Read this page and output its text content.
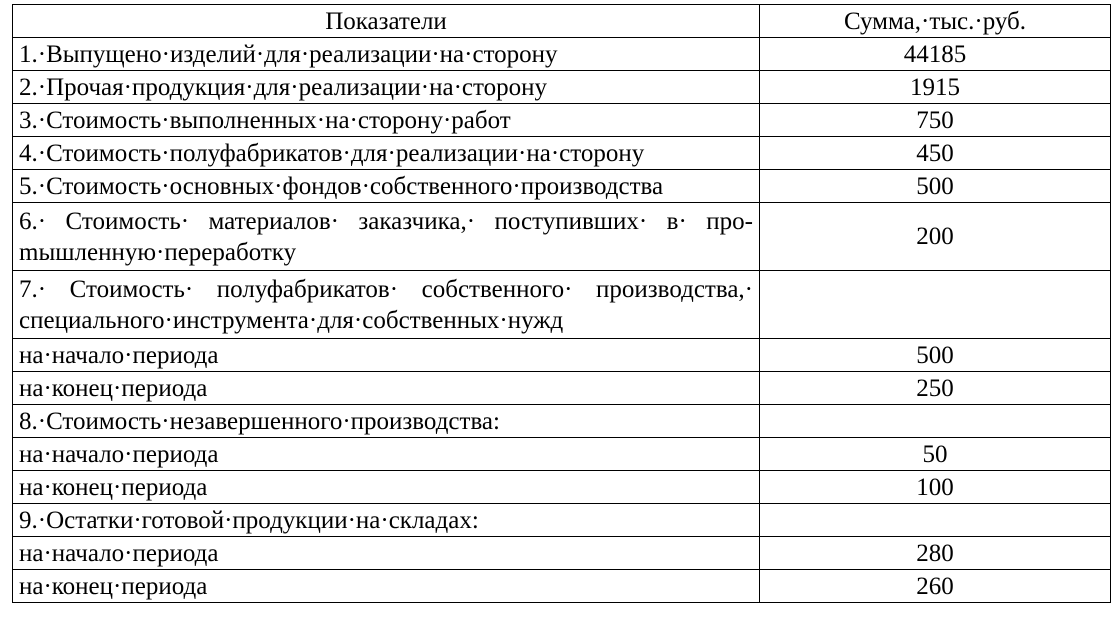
Показатели	Сумма,·тыс.·руб.
1.·Выпущено·изделий·для·реализации·на·сторону	44185
2.·Прочая·продукция·для·реализации·на·сторону	1915
3.·Стоимость·выполненных·на·сторону·работ	750
4.·Стоимость·полуфабрикатов·для·реализации·на·сторону	450
5.·Стоимость·основных·фондов·собственного·производства	500
6.· Стоимость· материалов· заказчика,· поступивших· в· проmышленную·переработку	200
7.· Стоимость· полуфабрикатов· собственного· производства,· специального·инструмента·для·собственных·нужд	
на·начало·периода	500
на·конец·периода	250
8.·Стоимость·незавершенного·производства:	
на·начало·периода	50
на·конец·периода	100
9.·Остатки·готовой·продукции·на·складах:	
на·начало·периода	280
на·конец·периода	260
